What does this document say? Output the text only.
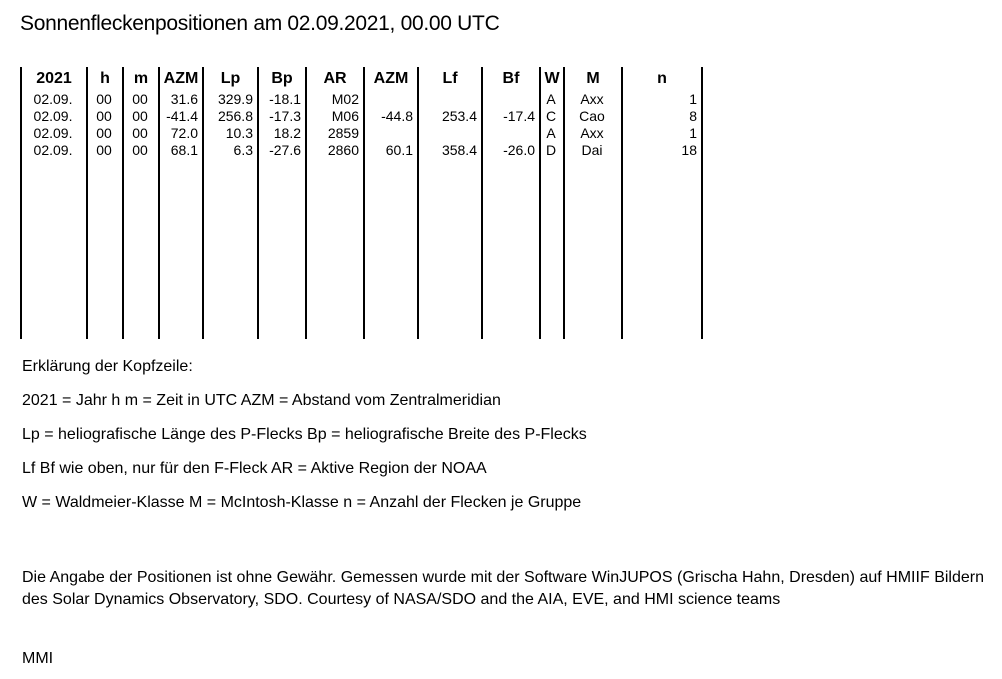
Sonnenfleckenpositionen am 02.09.2021, 00.00 UTC
2021	h	m	AZM	Lp	Bp	AR	AZM	Lf	Bf	W	M	n
02.09.	00	00	31.6	329.9	-18.1	M02				A	Axx	1
02.09.	00	00	-41.4	256.8	-17.3	M06	-44.8	253.4	-17.4	C	Cao	8
02.09.	00	00	72.0	10.3	18.2	2859				A	Axx	1
02.09.	00	00	68.1	6.3	-27.6	2860	60.1	358.4	-26.0	D	Dai	18

Erklärung der Kopfzeile:
2021 = Jahr h m = Zeit in UTC AZM = Abstand vom Zentralmeridian
Lp = heliografische Länge des P-Flecks Bp = heliografische Breite des P-Flecks
Lf Bf wie oben, nur für den F-Fleck AR = Aktive Region der NOAA
W = Waldmeier-Klasse M = McIntosh-Klasse n = Anzahl der Flecken je Gruppe
Die Angabe der Positionen ist ohne Gewähr. Gemessen wurde mit der Software WinJUPOS (Grischa Hahn, Dresden) auf HMIIF Bildern des Solar Dynamics Observatory, SDO. Courtesy of NASA/SDO and the AIA, EVE, and HMI science teams
MMI
